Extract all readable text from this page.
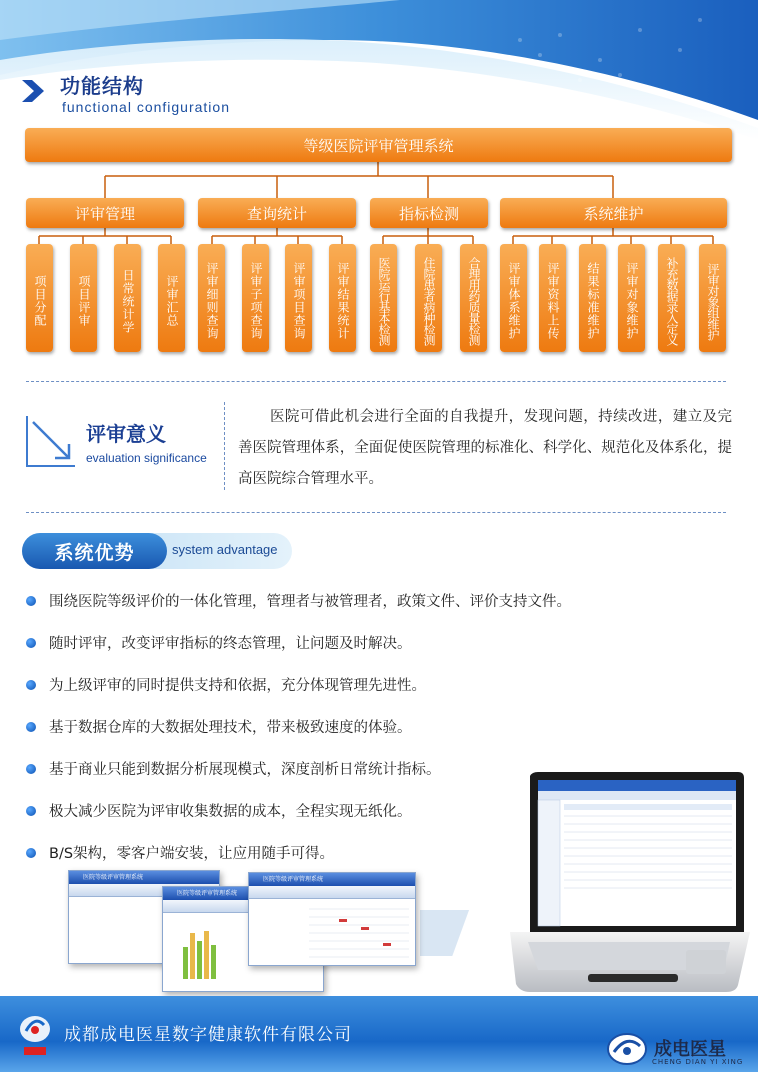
功能结构
functional configuration
等级医院评审管理系统
评审管理	查询统计	指标检测	系统维护
项目分配	项目评审	日常统计学	评审汇总	评审细则查询	评审子项查询	评审项目查询	评审结果统计	医院运行基本检测	住院患者病种检测	合理用药质量检测	评审体系维护	评审资料上传	结果标准维护	评审对象维护	补充数据录入定义	评审对象组维护
评审意义
evaluation significance
医院可借此机会进行全面的自我提升，发现问题，持续改进，建立及完善医院管理体系，全面促使医院管理的标准化、科学化、规范化及体系化，提高医院综合管理水平。
系统优势	system advantage
围绕医院等级评价的一体化管理，管理者与被管理者，政策文件、评价支持文件。
随时评审，改变评审指标的终态管理，让问题及时解决。
为上级评审的同时提供支持和依据，充分体现管理先进性。
基于数据仓库的大数据处理技术，带来极致速度的体验。
基于商业只能到数据分析展现模式，深度剖析日常统计指标。
极大减少医院为评审收集数据的成本，全程实现无纸化。
B/S架构，零客户端安装，让应用随手可得。
医院等级评审管理系统
医院等级评审管理系统
医院等级评审管理系统
成都成电医星数字健康软件有限公司
成电医星
CHENG DIAN YI XING
